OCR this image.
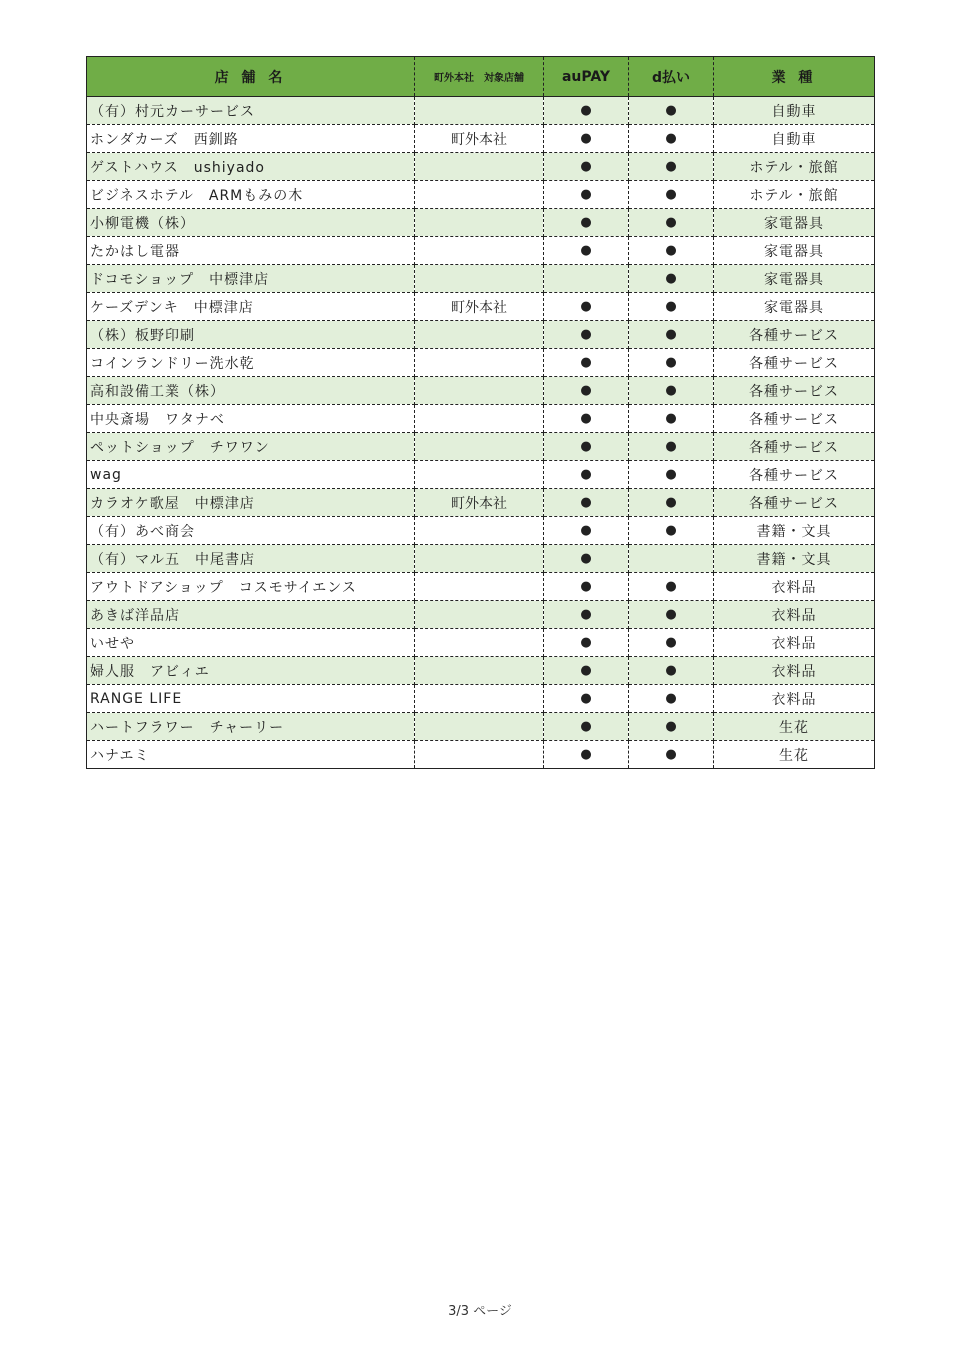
店 舗 名	町外本社　対象店舗	auPAY	d払い	業 種
（有）村元カーサービス		●	●	自動車
ホンダカーズ　西釧路	町外本社	●	●	自動車
ゲストハウス　ushiyado		●	●	ホテル・旅館
ビジネスホテル　ARMもみの木		●	●	ホテル・旅館
小柳電機（株）		●	●	家電器具
たかはし電器		●	●	家電器具
ドコモショップ　中標津店			●	家電器具
ケーズデンキ　中標津店	町外本社	●	●	家電器具
（株）板野印刷		●	●	各種サービス
コインランドリー洗水乾		●	●	各種サービス
高和設備工業（株）		●	●	各種サービス
中央斎場　ワタナベ		●	●	各種サービス
ペットショップ　チワワン		●	●	各種サービス
wag		●	●	各種サービス
カラオケ歌屋　中標津店	町外本社	●	●	各種サービス
（有）あべ商会		●	●	書籍・文具
（有）マル五　中尾書店		●		書籍・文具
アウトドアショップ　コスモサイエンス		●	●	衣料品
あきば洋品店		●	●	衣料品
いせや		●	●	衣料品
婦人服　アビィエ		●	●	衣料品
RANGE LIFE		●	●	衣料品
ハートフラワー　チャーリー		●	●	生花
ハナエミ		●	●	生花
3/3 ページ
